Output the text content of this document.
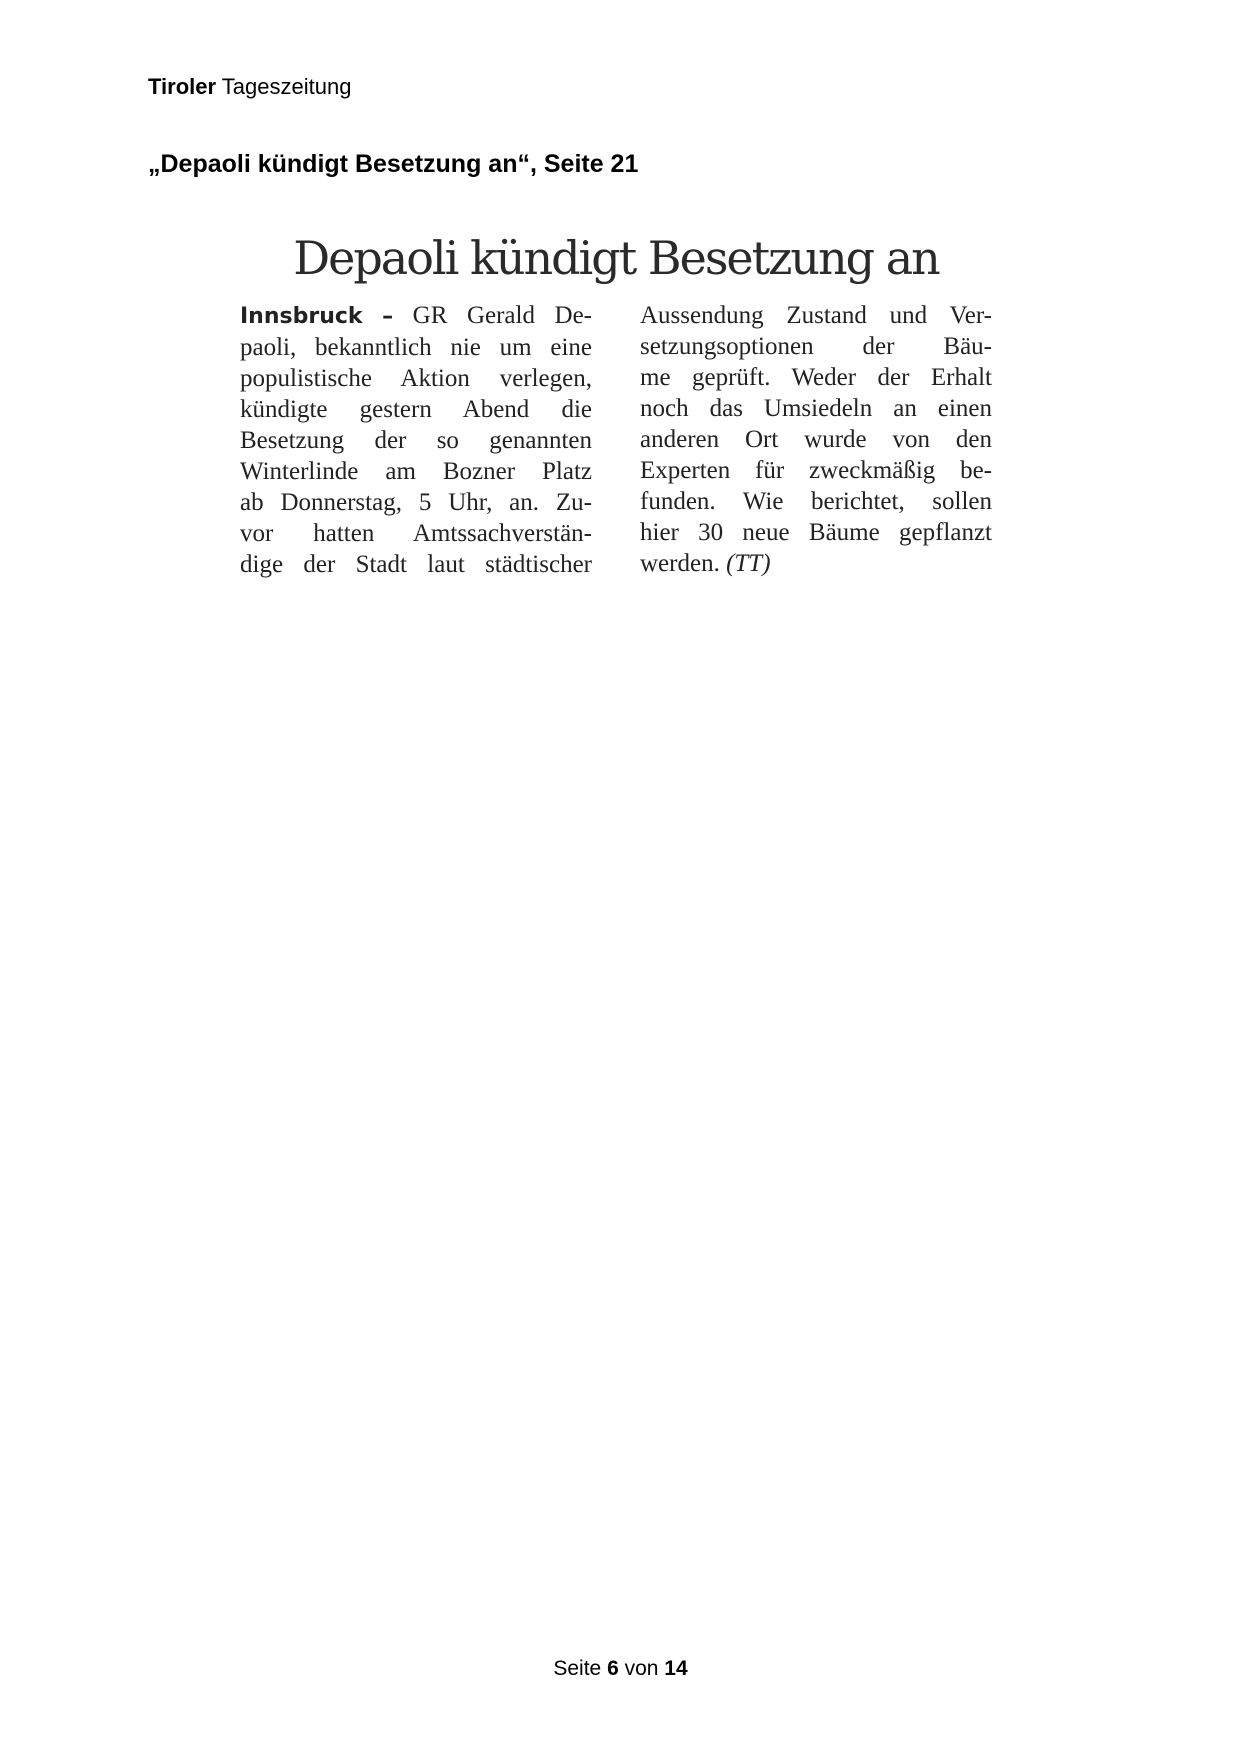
Tiroler Tageszeitung
„Depaoli kündigt Besetzung an“, Seite 21
Depaoli kündigt Besetzung an
Innsbruck – GR Gerald De-
paoli, bekanntlich nie um eine
populistische Aktion verlegen,
kündigte gestern Abend die
Besetzung der so genannten
Winterlinde am Bozner Platz
ab Donnerstag, 5 Uhr, an. Zu-
vor hatten Amtssachverstän-
dige der Stadt laut städtischer
Aussendung Zustand und Ver-
setzungsoptionen der Bäu-
me geprüft. Weder der Erhalt
noch das Umsiedeln an einen
anderen Ort wurde von den
Experten für zweckmäßig be-
funden. Wie berichtet, sollen
hier 30 neue Bäume gepflanzt
werden. (TT)
Seite 6 von 14
